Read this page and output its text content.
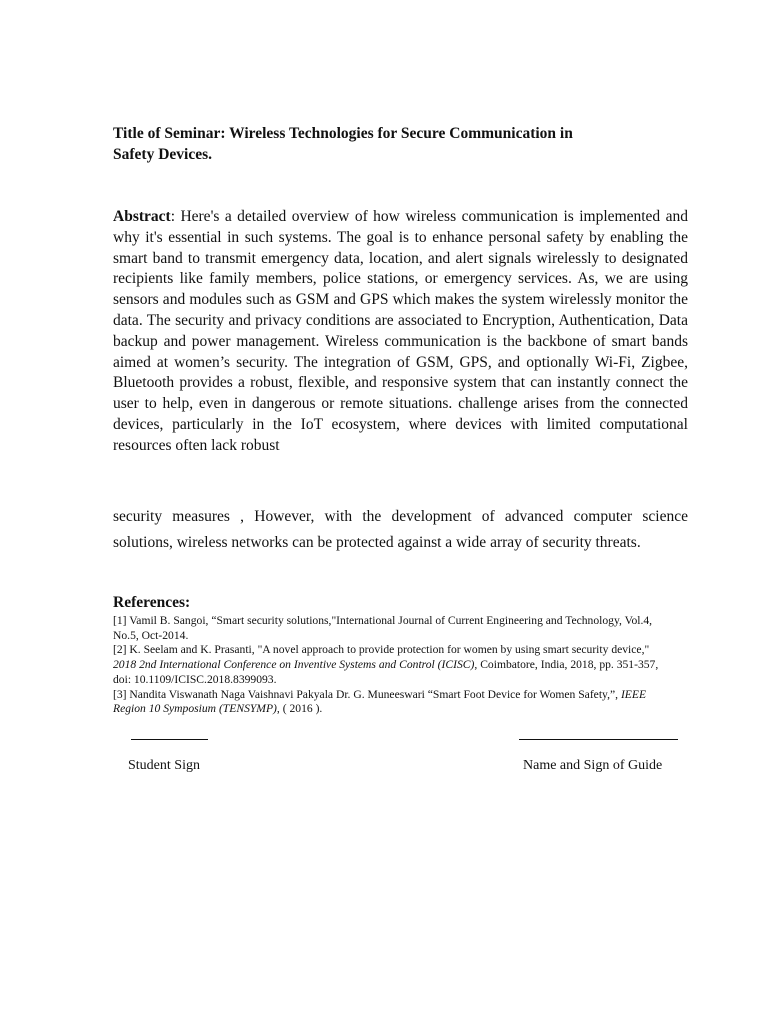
Title of Seminar: Wireless Technologies for Secure Communication in
Safety Devices.
Abstract: Here's a detailed overview of how wireless communication is implemented and why it's essential in such systems. The goal is to enhance personal safety by enabling the smart band to transmit emergency data, location, and alert signals wirelessly to designated recipients like family members, police stations, or emergency services. As, we are using sensors and modules such as GSM and GPS which makes the system wirelessly monitor the data. The security and privacy conditions are associated to Encryption, Authentication, Data backup and power management. Wireless communication is the backbone of smart bands aimed at women’s security. The integration of GSM, GPS, and optionally Wi-Fi, Zigbee, Bluetooth provides a robust, flexible, and responsive system that can instantly connect the user to help, even in dangerous or remote situations. challenge arises from the connected devices, particularly in the IoT ecosystem, where devices with limited computational resources often lack robust
security measures , However, with the development of advanced computer science solutions, wireless networks can be protected against a wide array of security threats.
References:

[1] Vamil B. Sangoi, “Smart security solutions,"International Journal of Current Engineering and Technology, Vol.4, No.5, Oct-2014.

[2] K. Seelam and K. Prasanti, "A novel approach to provide protection for women by using smart security device," 2018 2nd International Conference on Inventive Systems and Control (ICISC), Coimbatore, India, 2018, pp. 351-357, doi: 10.1109/ICISC.2018.8399093.

[3] Nandita Viswanath Naga Vaishnavi Pakyala Dr. G. Muneeswari “Smart Foot Device for Women Safety,”, IEEE Region 10 Symposium (TENSYMP), ( 2016 ).

Student Sign	Name and Sign of Guide
